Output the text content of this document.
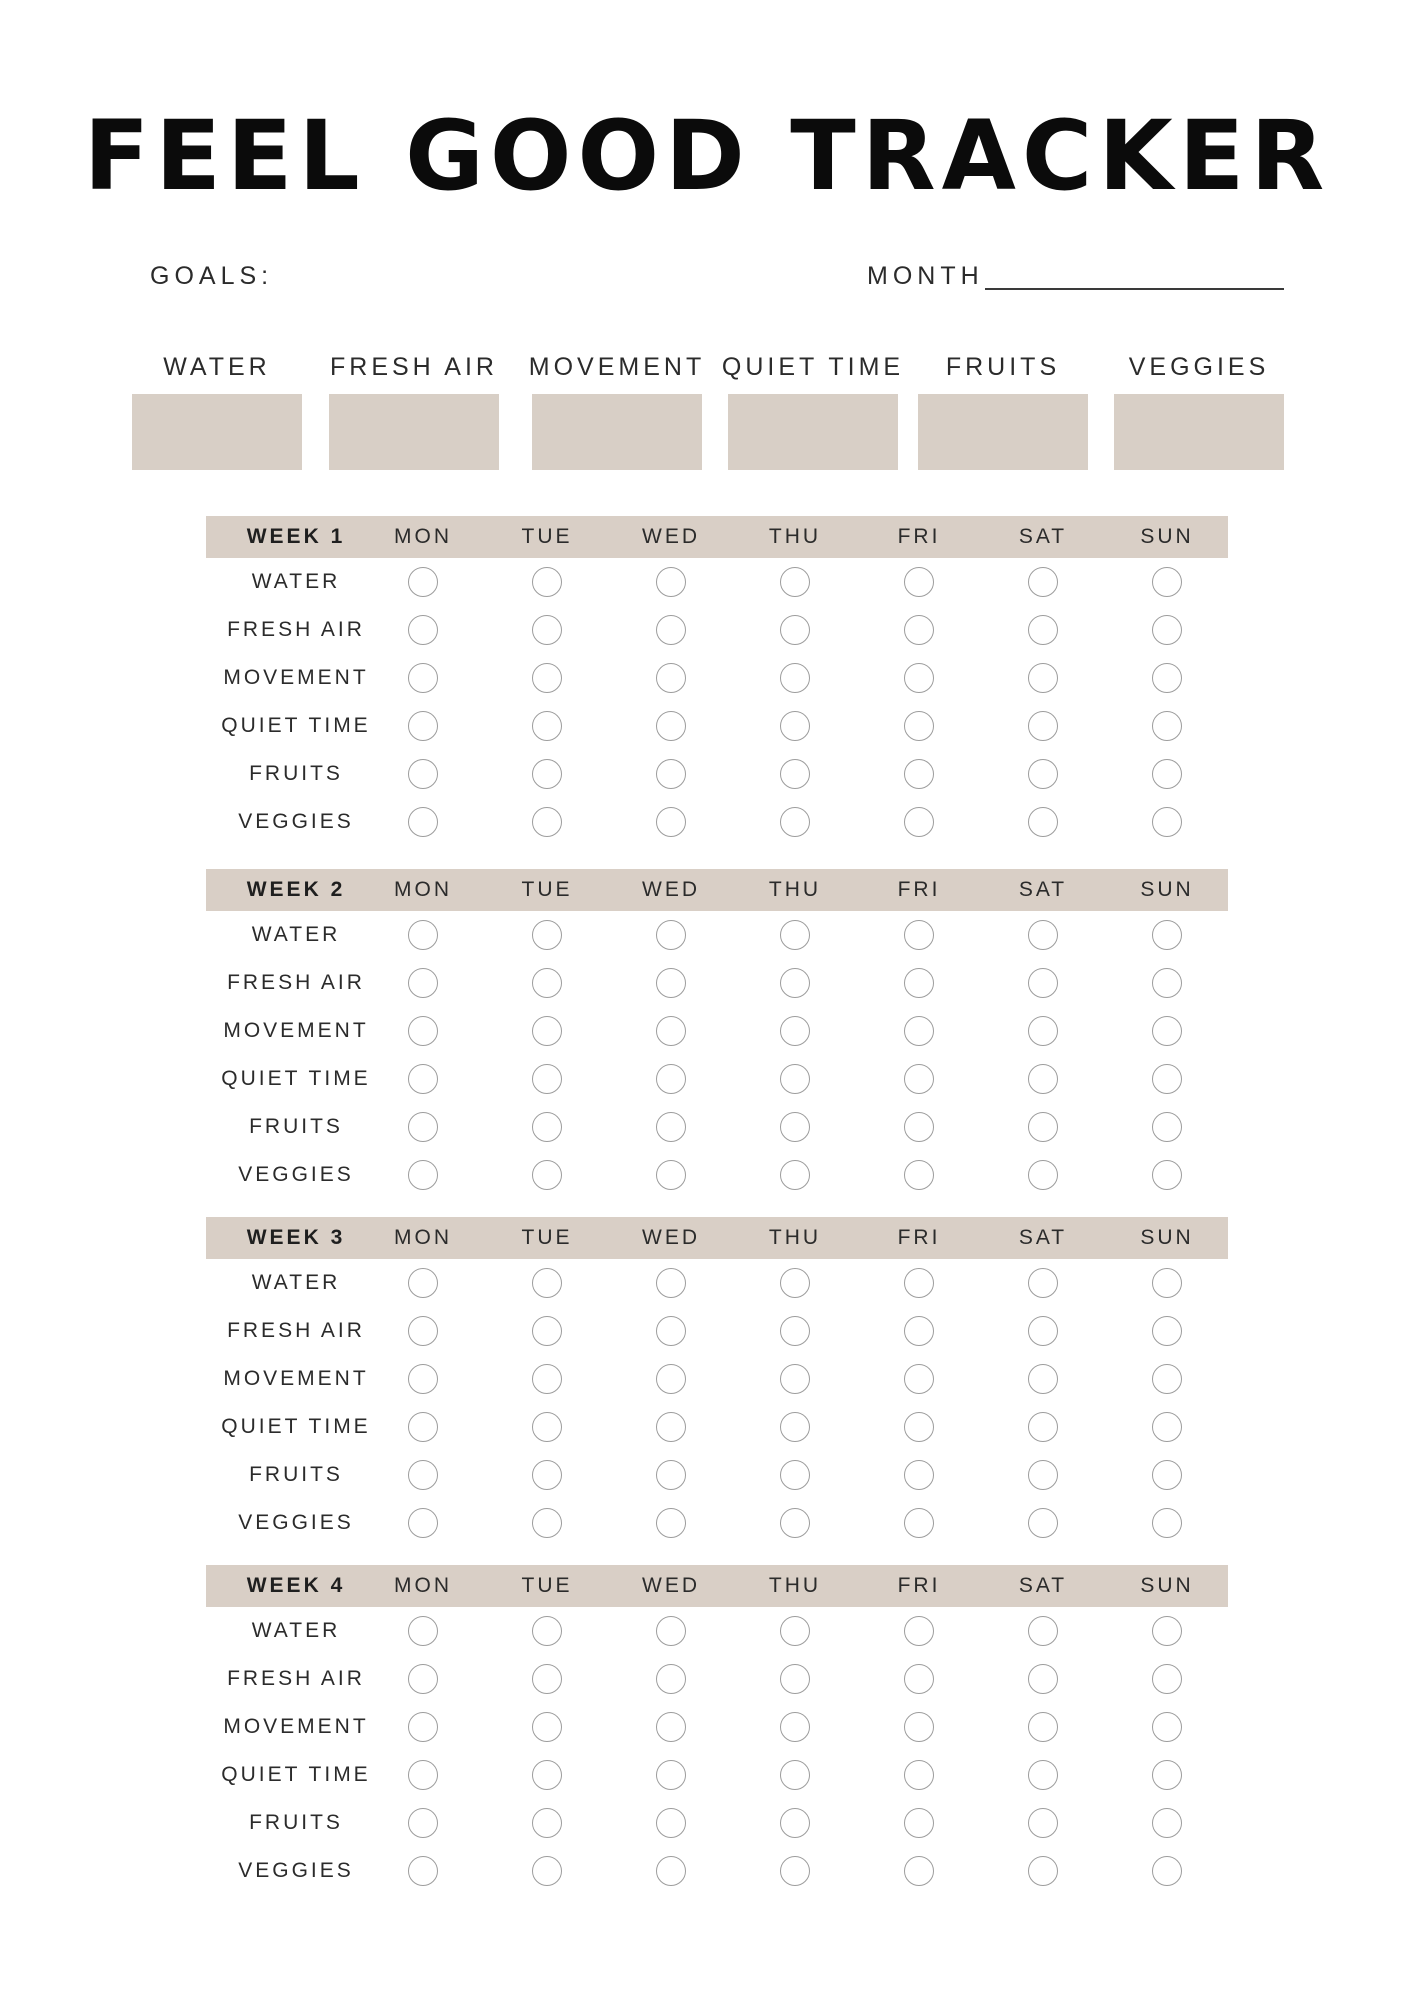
FEEL GOOD TRACKER
GOALS:	MONTH
WATER	FRESH AIR	MOVEMENT QUIET TIME	FRUITS	VEGGIES
WEEK 1	MON	TUE	WED	THU	FRI	SAT	SUN
WATER
FRESH AIR
MOVEMENT
QUIET TIME
FRUITS
VEGGIES
WEEK 2	MON	TUE	WED	THU	FRI	SAT	SUN
WATER
FRESH AIR
MOVEMENT
QUIET TIME
FRUITS
VEGGIES
WEEK 3	MON	TUE	WED	THU	FRI	SAT	SUN
WATER
FRESH AIR
MOVEMENT
QUIET TIME
FRUITS
VEGGIES
WEEK 4	MON	TUE	WED	THU	FRI	SAT	SUN
WATER
FRESH AIR
MOVEMENT
QUIET TIME
FRUITS
VEGGIES
